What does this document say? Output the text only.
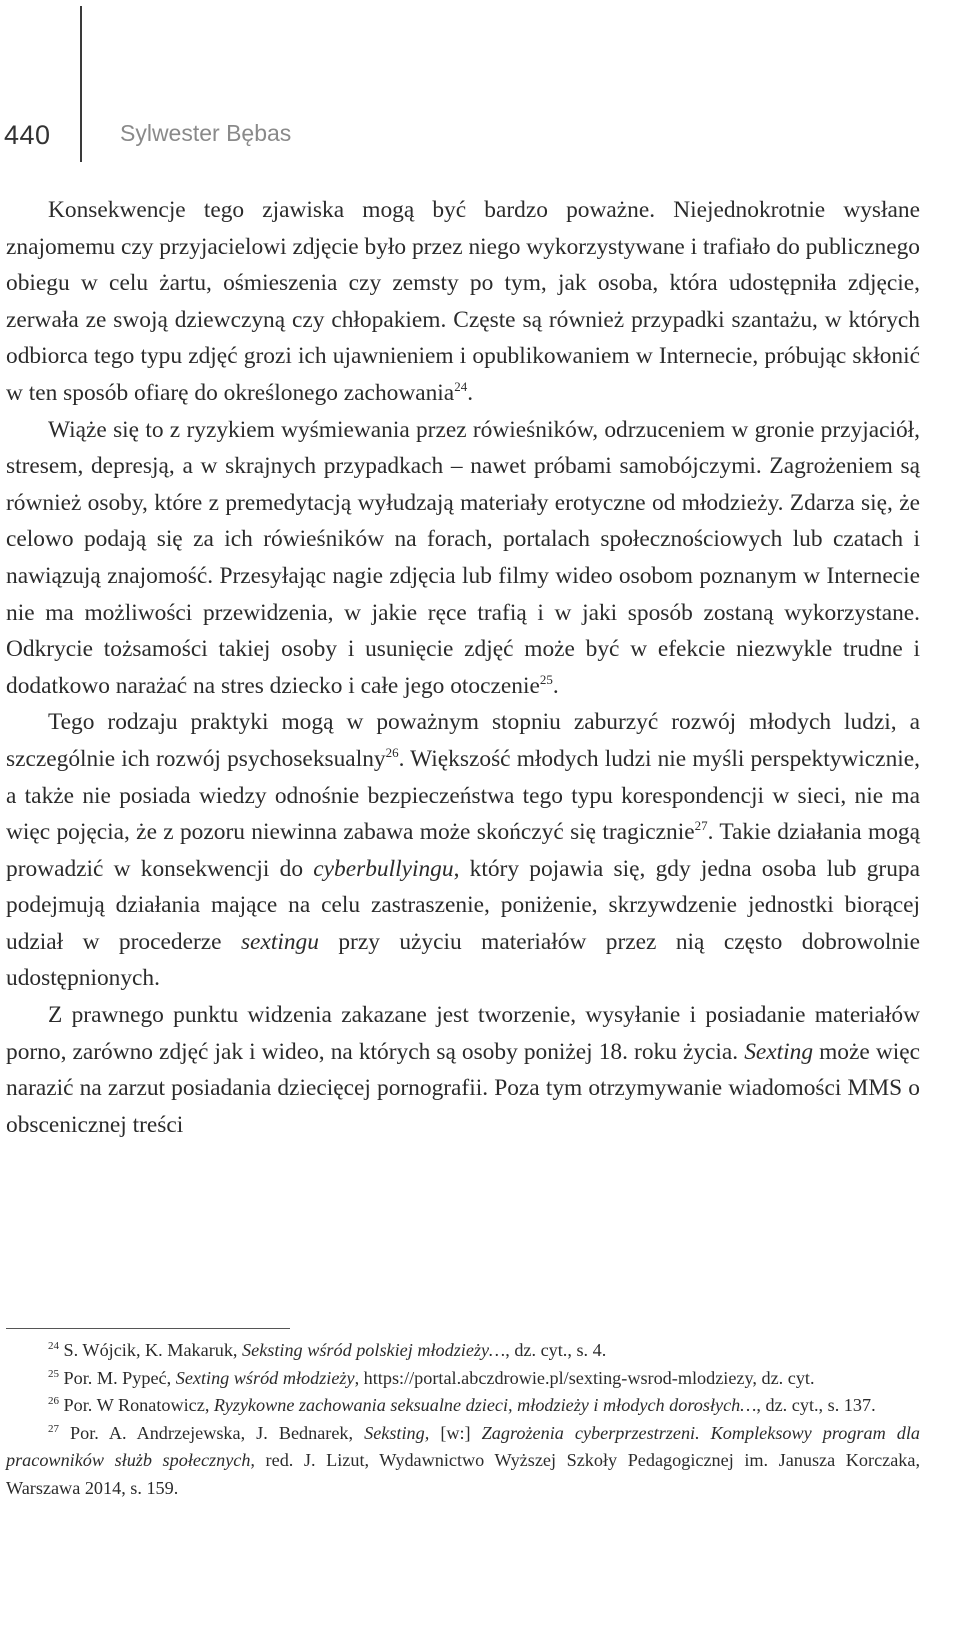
440	Sylwester Bębas

Konsekwencje tego zjawiska mogą być bardzo poważne. Niejednokrotnie wysłane znajomemu czy przyjacielowi zdjęcie było przez niego wykorzystywane i trafiało do publicznego obiegu w celu żartu, ośmieszenia czy zemsty po tym, jak osoba, która udostępniła zdjęcie, zerwała ze swoją dziewczyną czy chłopakiem. Częste są również przypadki szantażu, w których odbiorca tego typu zdjęć grozi ich ujawnieniem i opublikowaniem w Internecie, próbując skłonić w ten sposób ofiarę do określonego zachowania$^{24}$.

Wiąże się to z ryzykiem wyśmiewania przez rówieśników, odrzuceniem w gronie przyjaciół, stresem, depresją, a w skrajnych przypadkach – nawet próbami samobójczymi. Zagrożeniem są również osoby, które z premedytacją wyłudzają materiały erotyczne od młodzieży. Zdarza się, że celowo podają się za ich rówieśników na forach, portalach społecznościowych lub czatach i nawiązują znajomość. Przesyłając nagie zdjęcia lub filmy wideo osobom poznanym w Internecie nie ma możliwości przewidzenia, w jakie ręce trafią i w jaki sposób zostaną wykorzystane. Odkrycie tożsamości takiej osoby i usunięcie zdjęć może być w efekcie niezwykle trudne i dodatkowo narażać na stres dziecko i całe jego otoczenie$^{25}$.

Tego rodzaju praktyki mogą w poważnym stopniu zaburzyć rozwój młodych ludzi, a szczególnie ich rozwój psychoseksualny$^{26}$. Większość młodych ludzi nie myśli perspektywicznie, a także nie posiada wiedzy odnośnie bezpieczeństwa tego typu korespondencji w sieci, nie ma więc pojęcia, że z pozoru niewinna zabawa może skończyć się tragicznie$^{27}$. Takie działania mogą prowadzić w konsekwencji do cyberbullyingu, który pojawia się, gdy jedna osoba lub grupa podejmują działania mające na celu zastraszenie, poniżenie, skrzywdzenie jednostki biorącej udział w procederze sextingu przy użyciu materiałów przez nią często dobrowolnie udostępnionych.

Z prawnego punktu widzenia zakazane jest tworzenie, wysyłanie i posiadanie materiałów porno, zarówno zdjęć jak i wideo, na których są osoby poniżej 18. roku życia. Sexting może więc narazić na zarzut posiadania dziecięcej pornografii. Poza tym otrzymywanie wiadomości MMS o obscenicznej treści

$^{24}$ S. Wójcik, K. Makaruk, Seksting wśród polskiej młodzieży…, dz. cyt., s. 4.

$^{25}$ Por. M. Pypeć, Sexting wśród młodzieży, https://portal.abczdrowie.pl/sexting-wsrod-mlodziezy, dz. cyt.

$^{26}$ Por. W Ronatowicz, Ryzykowne zachowania seksualne dzieci, młodzieży i młodych dorosłych…, dz. cyt., s. 137.

$^{27}$ Por. A. Andrzejewska, J. Bednarek, Seksting, [w:] Zagrożenia cyberprzestrzeni. Kompleksowy program dla pracowników służb społecznych, red. J. Lizut, Wydawnictwo Wyższej Szkoły Pedagogicznej im. Janusza Korczaka, Warszawa 2014, s. 159.
